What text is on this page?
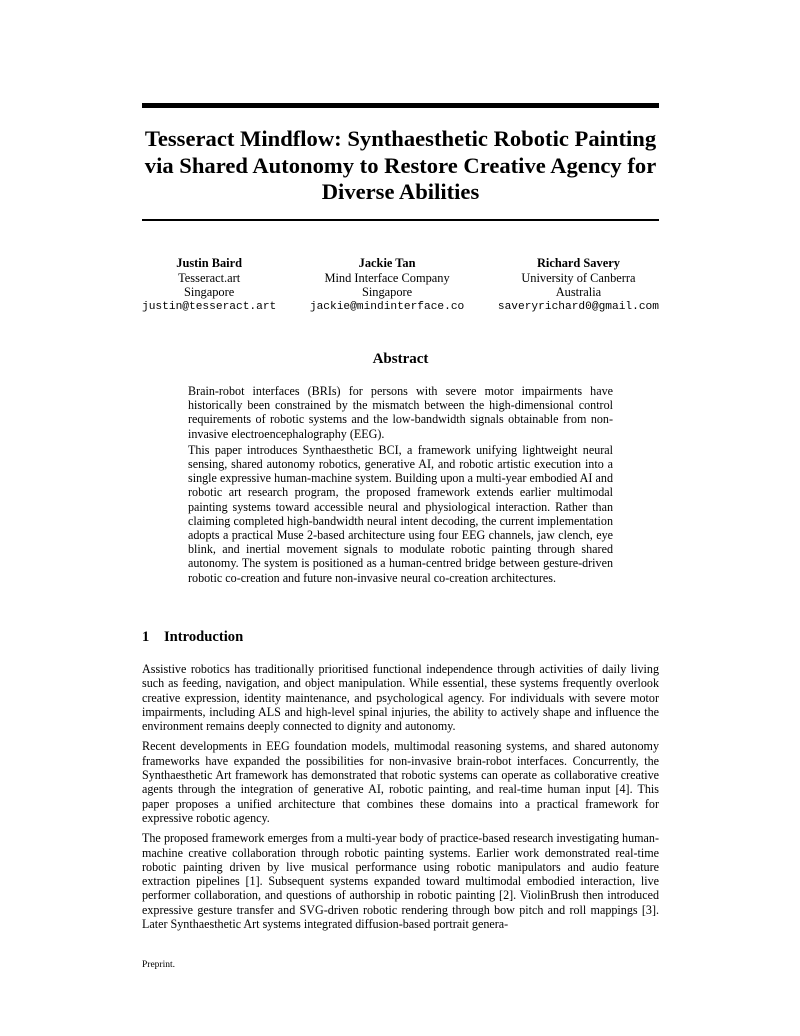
Tesseract Mindflow: Synthaesthetic Robotic Painting via Shared Autonomy to Restore Creative Agency for Diverse Abilities
Justin Baird
Tesseract.art
Singapore
justin@tesseract.art
Jackie Tan
Mind Interface Company
Singapore
jackie@mindinterface.co
Richard Savery
University of Canberra
Australia
saveryrichard0@gmail.com
Abstract

Brain-robot interfaces (BRIs) for persons with severe motor impairments have historically been constrained by the mismatch between the high-dimensional control requirements of robotic systems and the low-bandwidth signals obtainable from non-invasive electroencephalography (EEG).

This paper introduces Synthaesthetic BCI, a framework unifying lightweight neural sensing, shared autonomy robotics, generative AI, and robotic artistic execution into a single expressive human-machine system. Building upon a multi-year embodied AI and robotic art research program, the proposed framework extends earlier multimodal painting systems toward accessible neural and physiological interaction. Rather than claiming completed high-bandwidth neural intent decoding, the current implementation adopts a practical Muse 2-based architecture using four EEG channels, jaw clench, eye blink, and inertial movement signals to modulate robotic painting through shared autonomy. The system is positioned as a human-centred bridge between gesture-driven robotic co-creation and future non-invasive neural co-creation architectures.

1 Introduction

Assistive robotics has traditionally prioritised functional independence through activities of daily living such as feeding, navigation, and object manipulation. While essential, these systems frequently overlook creative expression, identity maintenance, and psychological agency. For individuals with severe motor impairments, including ALS and high-level spinal injuries, the ability to actively shape and influence the environment remains deeply connected to dignity and autonomy.

Recent developments in EEG foundation models, multimodal reasoning systems, and shared autonomy frameworks have expanded the possibilities for non-invasive brain-robot interfaces. Concurrently, the Synthaesthetic Art framework has demonstrated that robotic systems can operate as collaborative creative agents through the integration of generative AI, robotic painting, and real-time human input [4]. This paper proposes a unified architecture that combines these domains into a practical framework for expressive robotic agency.

The proposed framework emerges from a multi-year body of practice-based research investigating human-machine creative collaboration through robotic painting systems. Earlier work demonstrated real-time robotic painting driven by live musical performance using robotic manipulators and audio feature extraction pipelines [1]. Subsequent systems expanded toward multimodal embodied interaction, live performer collaboration, and questions of authorship in robotic painting [2]. ViolinBrush then introduced expressive gesture transfer and SVG-driven robotic rendering through bow pitch and roll mappings [3]. Later Synthaesthetic Art systems integrated diffusion-based portrait genera-

Preprint.
